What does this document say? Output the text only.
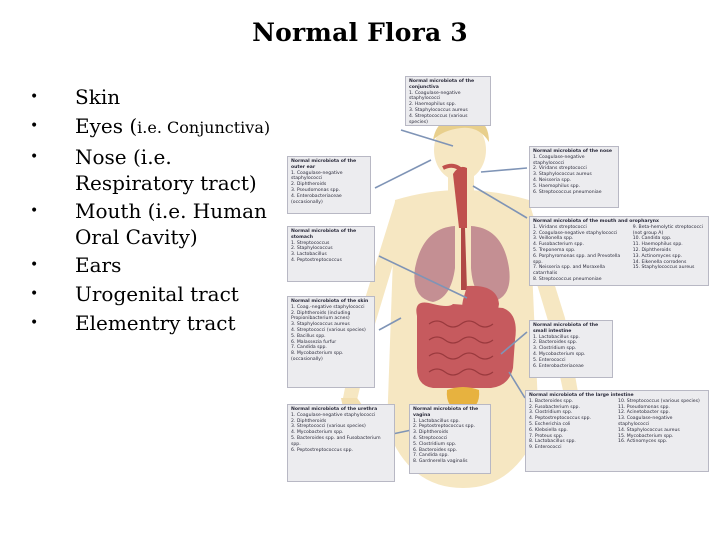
Normal Flora 3
• Skin
• Eyes (i.e. Conjunctiva)
• Nose (i.e. Respiratory tract)
• Mouth (i.e. Human Oral Cavity)
• Ears
• Urogenital tract
• Elementry tract
Normal microbiota of the conjunctiva
1. Coagulase-negative staphylococci
2. Haemophilus spp.
3. Staphylococcus aureus
4. Streptococcus (various species)
Normal microbiota of the outer ear
1. Coagulase-negative staphylococci
2. Diphtheroids
3. Pseudomonas spp.
4. Enterobacteriaceae (occasionally)
Normal microbiota of the nose
1. Coagulase-negative staphylococci
2. Viridans streptococci
3. Staphylococcus aureus
4. Neisseria spp.
5. Haemophilus spp.
6. Streptococcus pneumoniae
Normal microbiota of the stomach
1. Streptococcus
2. Staphylococcus
3. Lactobacillus
4. Peptostreptococcus
Normal microbiota of the mouth and oropharynx
1. Viridans streptococci
2. Coagulase-negative staphylococci
3. Veillonella spp.
4. Fusobacterium spp.
5. Treponema spp.
6. Porphyromonas spp. and Prevotella spp.
7. Neisseria spp. and Moraxella catarrhalis
8. Streptococcus pneumoniae
9. Beta-hemolytic streptococci (not group A)
10. Candida spp.
11. Haemophilus spp.
12. Diphtheroids
13. Actinomyces spp.
14. Eikenella corrodens
15. Staphylococcus aureus
Normal microbiota of the skin
1. Coag.-negative staphylococci
2. Diphtheroids (including Propionibacterium acnes)
3. Staphylococcus aureus
4. Streptococci (various species)
5. Bacillus spp.
6. Malassezia furfur
7. Candida spp.
8. Mycobacterium spp. (occasionally)
Normal microbiota of the small intestine
1. Lactobacillus spp.
2. Bacteroides spp.
3. Clostridium spp.
4. Mycobacterium spp.
5. Enterococci
6. Enterobacteriaceae
Normal microbiota of the urethra
1. Coagulase-negative staphylococci
2. Diphtheroids
3. Streptococci (various species)
4. Mycobacterium spp.
5. Bacteroides spp. and Fusobacterium spp.
6. Peptostreptococcus spp.
Normal microbiota of the vagina
1. Lactobacillus spp.
2. Peptostreptococcus spp.
3. Diphtheroids
4. Streptococci
5. Clostridium spp.
6. Bacteroides spp.
7. Candida spp.
8. Gardnerella vaginalis
Normal microbiota of the large intestine
1. Bacteroides spp.
2. Fusobacterium spp.
3. Clostridium spp.
4. Peptostreptococcus spp.
5. Escherichia coli
6. Klebsiella spp.
7. Proteus spp.
8. Lactobacillus spp.
9. Enterococci
10. Streptococcus (various species)
11. Pseudomonas spp.
12. Acinetobacter spp.
13. Coagulase-negative staphylococci
14. Staphylococcus aureus
15. Mycobacterium spp.
16. Actinomyces spp.
